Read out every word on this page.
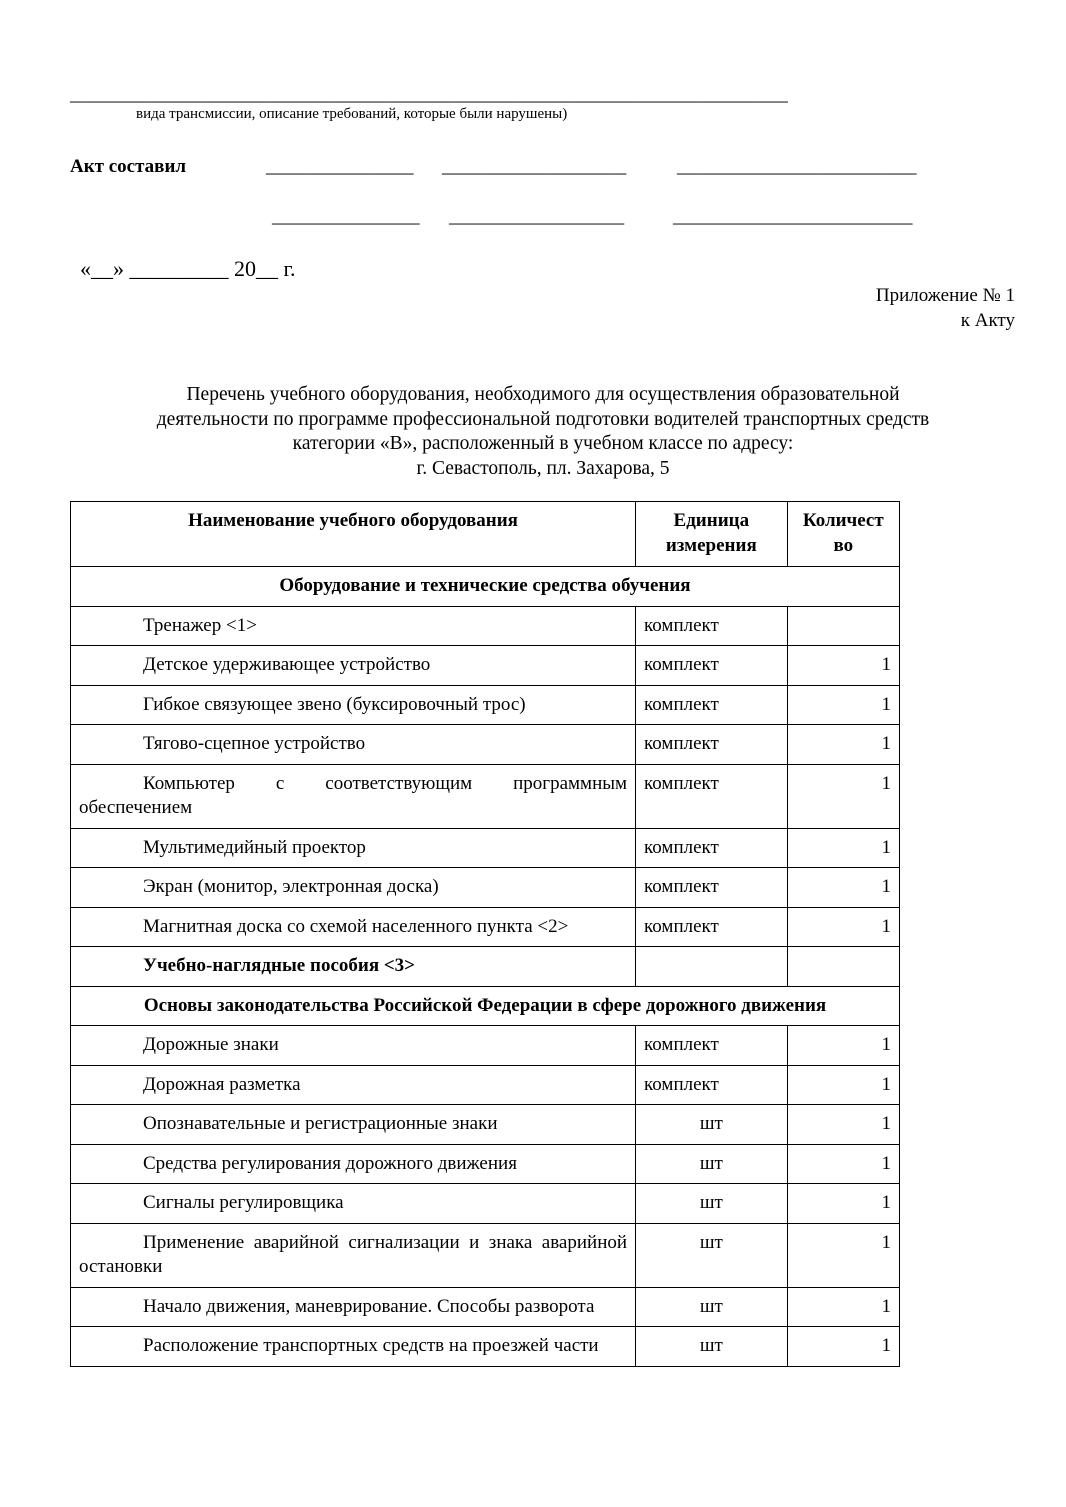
______________________________________________________________________________
вида трансмиссии, описание требований, которые были нарушены)
Акт составил	________________ ____________________	__________________________
________________ ___________________	__________________________
«__» _________ 20__ г.
Приложение № 1
к Акту
Перечень учебного оборудования, необходимого для осуществления образовательной
деятельности по программе профессиональной подготовки водителей транспортных средств
категории «В», расположенный в учебном классе по адресу:
г. Севастополь, пл. Захарова, 5
Наименование учебного оборудования	Единица измерения	Количест во
Оборудование и технические средства обучения		
Тренажер <1>	комплект	
Детское удерживающее устройство	комплект	1
Гибкое связующее звено (буксировочный трос)	комплект	1
Тягово-сцепное устройство	комплект	1
Компьютер с соответствующим программным обеспечением	комплект	1
Мультимедийный проектор	комплект	1
Экран (монитор, электронная доска)	комплект	1
Магнитная доска со схемой населенного пункта <2>	комплект	1
Учебно-наглядные пособия <3>		
Основы законодательства Российской Федерации в сфере дорожного движения		
Дорожные знаки	комплект	1
Дорожная разметка	комплект	1
Опознавательные и регистрационные знаки	шт	1
Средства регулирования дорожного движения	шт	1
Сигналы регулировщика	шт	1
Применение аварийной сигнализации и знака аварийной остановки	шт	1
Начало движения, маневрирование. Способы разворота	шт	1
Расположение транспортных средств на проезжей части	шт	1
